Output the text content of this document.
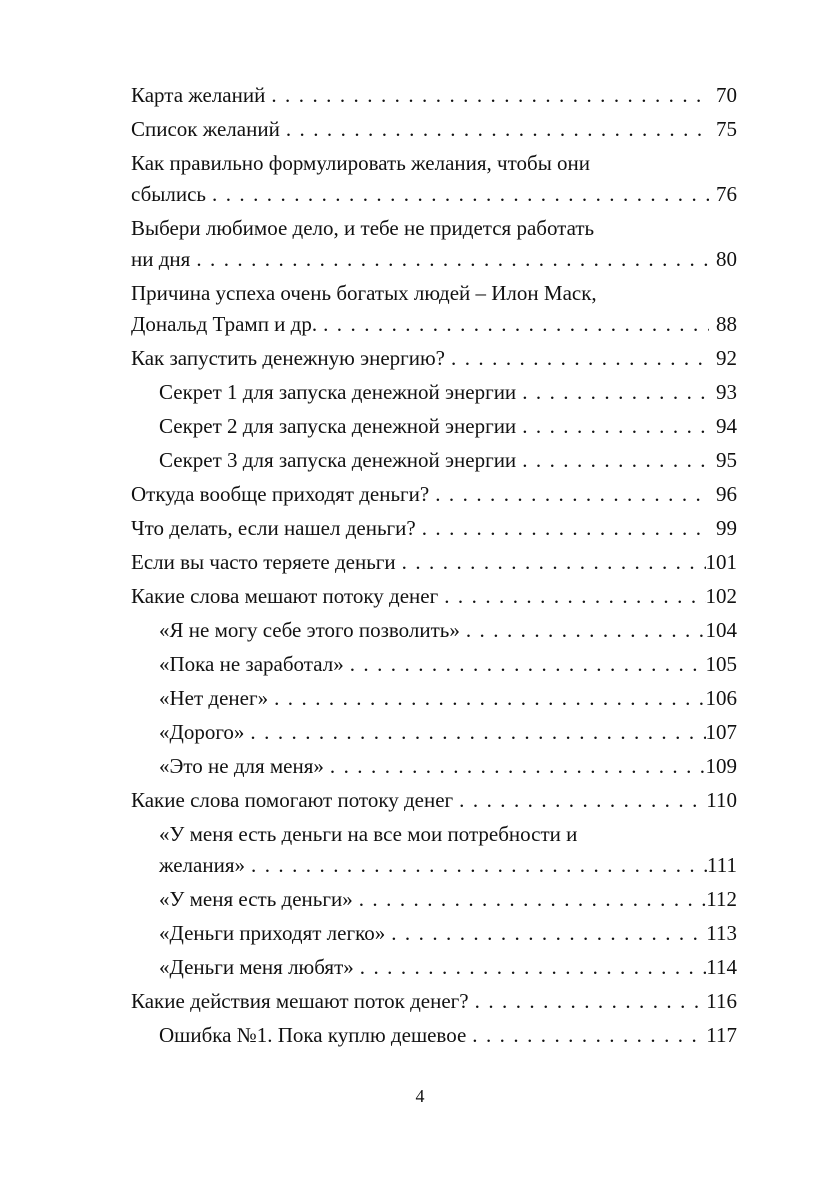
Карта желаний . . .	70
Список желаний . . .	75
Как правильно формулировать желания, чтобы они
сбылись . . .	76
Выбери любимое дело, и тебе не придется работать
ни дня . . .	80
Причина успеха очень богатых людей – Илон Маск,
Дональд Трамп и др. . . .	88
Как запустить денежную энергию? . . .	92
Секрет 1 для запуска денежной энергии . . .	93
Секрет 2 для запуска денежной энергии . . .	94
Секрет 3 для запуска денежной энергии . . .	95
Откуда вообще приходят деньги? . . .	96
Что делать, если нашел деньги? . . .	99
Если вы часто теряете деньги . . .	101
Какие слова мешают потоку денег . . .	102
«Я не могу себе этого позволить» . . .	104
«Пока не заработал» . . .	105
«Нет денег» . . .	106
«Дорого» . . .	107
«Это не для меня» . . .	109
Какие слова помогают потоку денег . . .	110
«У меня есть деньги на все мои потребности и
желания» . . .	111
«У меня есть деньги» . . .	112
«Деньги приходят легко» . . .	113
«Деньги меня любят» . . .	114
Какие действия мешают поток денег? . . .	116
Ошибка №1. Пока куплю дешевое . . .	117
4
